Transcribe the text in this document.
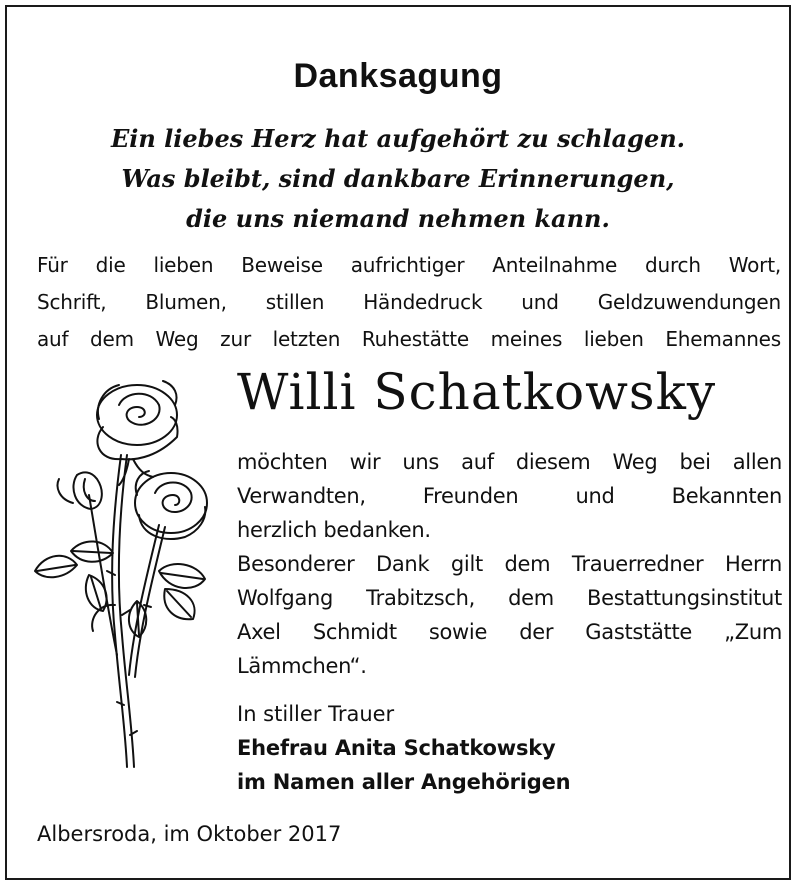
Danksagung
Ein liebes Herz hat aufgehört zu schlagen.
Was bleibt, sind dankbare Erinnerungen,
die uns niemand nehmen kann.
Für die lieben Beweise aufrichtiger Anteilnahme durch Wort,
Schrift, Blumen, stillen Händedruck und Geldzuwendungen
auf dem Weg zur letzten Ruhestätte meines lieben Ehemannes
Willi Schatkowsky
möchten wir uns auf diesem Weg bei allen
Verwandten, Freunden und Bekannten
herzlich bedanken.
Besonderer Dank gilt dem Trauerredner Herrn
Wolfgang Trabitzsch, dem Bestattungsinstitut
Axel Schmidt sowie der Gaststätte „Zum
Lämmchen“.
In stiller Trauer
Ehefrau Anita Schatkowsky
im Namen aller Angehörigen
Albersroda, im Oktober 2017
